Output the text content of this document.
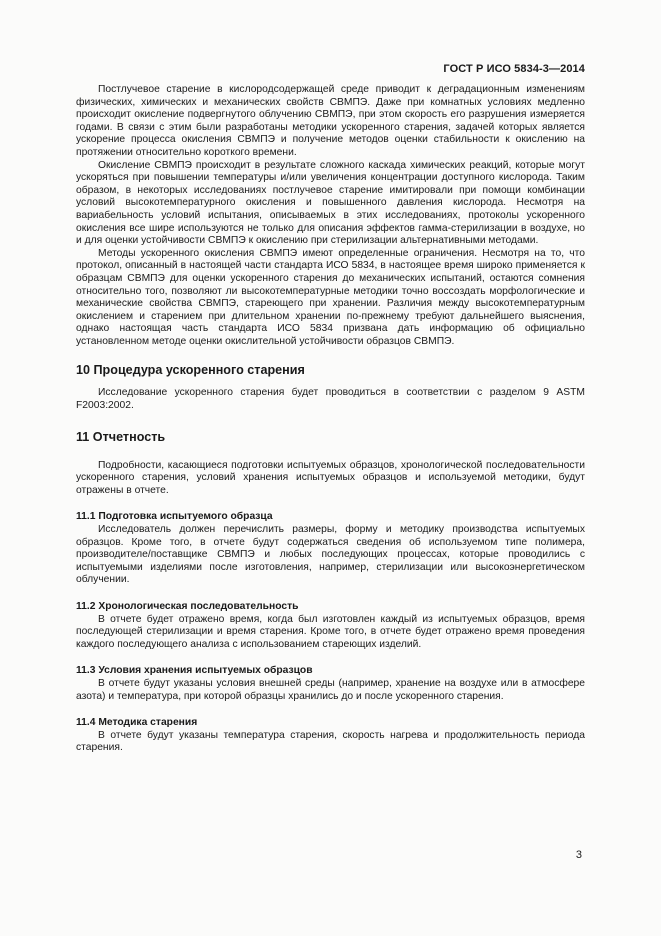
ГОСТ Р ИСО 5834-3—2014

Постлучевое старение в кислородсодержащей среде приводит к деградационным изменениям физических, химических и механических свойств СВМПЭ. Даже при комнатных условиях медленно происходит окисление подвергнутого облучению СВМПЭ, при этом скорость его разрушения измеряется годами. В связи с этим были разработаны методики ускоренного старения, задачей которых является ускорение процесса окисления СВМПЭ и получение методов оценки стабильности к окислению на протяжении относительно короткого времени.

Окисление СВМПЭ происходит в результате сложного каскада химических реакций, которые могут ускоряться при повышении температуры и/или увеличения концентрации доступного кислорода. Таким образом, в некоторых исследованиях постлучевое старение имитировали при помощи комбинации условий высокотемпературного окисления и повышенного давления кислорода. Несмотря на вариабельность условий испытания, описываемых в этих исследованиях, протоколы ускоренного окисления все шире используются не только для описания эффектов гамма-стерилизации в воздухе, но и для оценки устойчивости СВМПЭ к окислению при стерилизации альтернативными методами.

Методы ускоренного окисления СВМПЭ имеют определенные ограничения. Несмотря на то, что протокол, описанный в настоящей части стандарта ИСО 5834, в настоящее время широко применяется к образцам СВМПЭ для оценки ускоренного старения до механических испытаний, остаются сомнения относительно того, позволяют ли высокотемпературные методики точно воссоздать морфологические и механические свойства СВМПЭ, стареющего при хранении. Различия между высокотемпературным окислением и старением при длительном хранении по-прежнему требуют дальнейшего выяснения, однако настоящая часть стандарта ИСО 5834 призвана дать информацию об официально установленном методе оценки окислительной устойчивости образцов СВМПЭ.

10 Процедура ускоренного старения

Исследование ускоренного старения будет проводиться в соответствии с разделом 9 ASTM F2003:2002.

11 Отчетность

Подробности, касающиеся подготовки испытуемых образцов, хронологической последовательности ускоренного старения, условий хранения испытуемых образцов и используемой методики, будут отражены в отчете.

11.1 Подготовка испытуемого образца

Исследователь должен перечислить размеры, форму и методику производства испытуемых образцов. Кроме того, в отчете будут содержаться сведения об используемом типе полимера, производителе/поставщике СВМПЭ и любых последующих процессах, которые проводились с испытуемыми изделиями после изготовления, например, стерилизации или высокоэнергетическом облучении.

11.2 Хронологическая последовательность

В отчете будет отражено время, когда был изготовлен каждый из испытуемых образцов, время последующей стерилизации и время старения. Кроме того, в отчете будет отражено время проведения каждого последующего анализа с использованием стареющих изделий.

11.3 Условия хранения испытуемых образцов

В отчете будут указаны условия внешней среды (например, хранение на воздухе или в атмосфере азота) и температура, при которой образцы хранились до и после ускоренного старения.

11.4 Методика старения

В отчете будут указаны температура старения, скорость нагрева и продолжительность периода старения.

3
